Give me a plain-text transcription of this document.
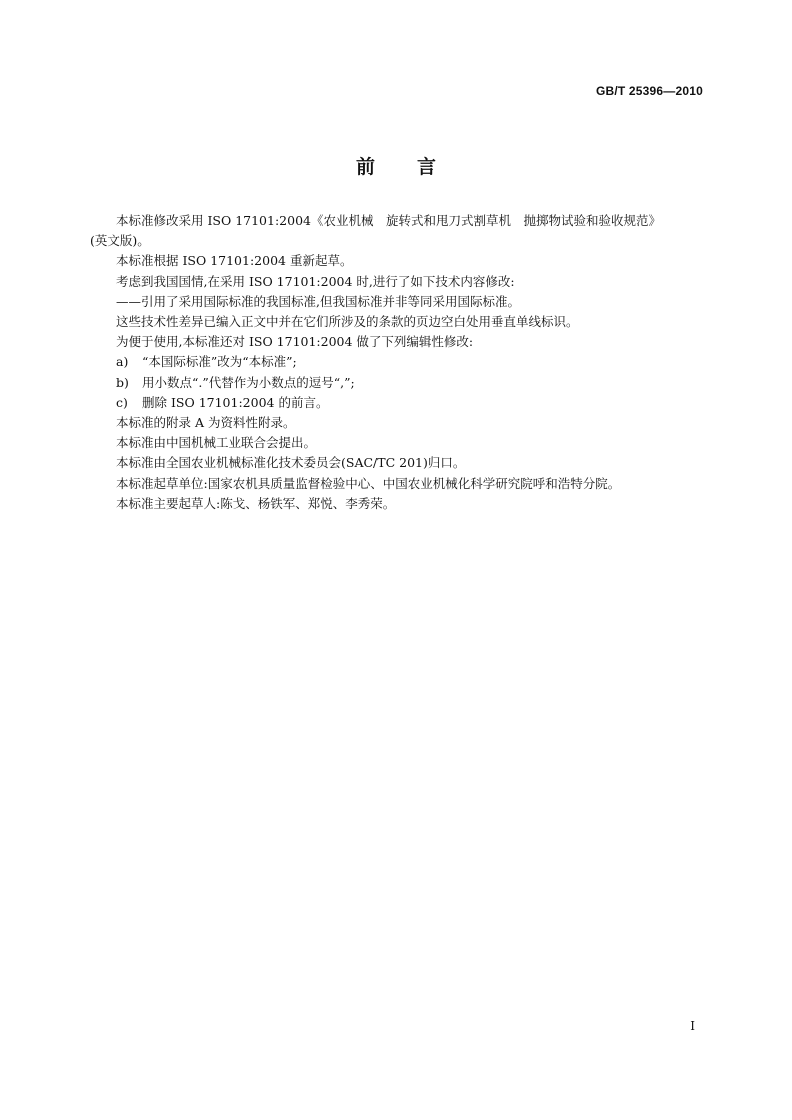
GB/T 25396—2010

前言

本标准修改采用 ISO 17101:2004《农业机械　旋转式和甩刀式割草机　抛掷物试验和验收规范》

(英文版)。

本标准根据 ISO 17101:2004 重新起草。

考虑到我国国情,在采用 ISO 17101:2004 时,进行了如下技术内容修改:

——引用了采用国际标准的我国标准,但我国标准并非等同采用国际标准。

这些技术性差异已编入正文中并在它们所涉及的条款的页边空白处用垂直单线标识。

为便于使用,本标准还对 ISO 17101:2004 做了下列编辑性修改:

a) “本国际标准”改为“本标准”;

b) 用小数点“.”代替作为小数点的逗号“,”;

c) 删除 ISO 17101:2004 的前言。

本标准的附录 A 为资料性附录。

本标准由中国机械工业联合会提出。

本标准由全国农业机械标准化技术委员会(SAC/TC 201)归口。

本标准起草单位:国家农机具质量监督检验中心、中国农业机械化科学研究院呼和浩特分院。

本标准主要起草人:陈戈、杨铁军、郑悦、李秀荣。

I
